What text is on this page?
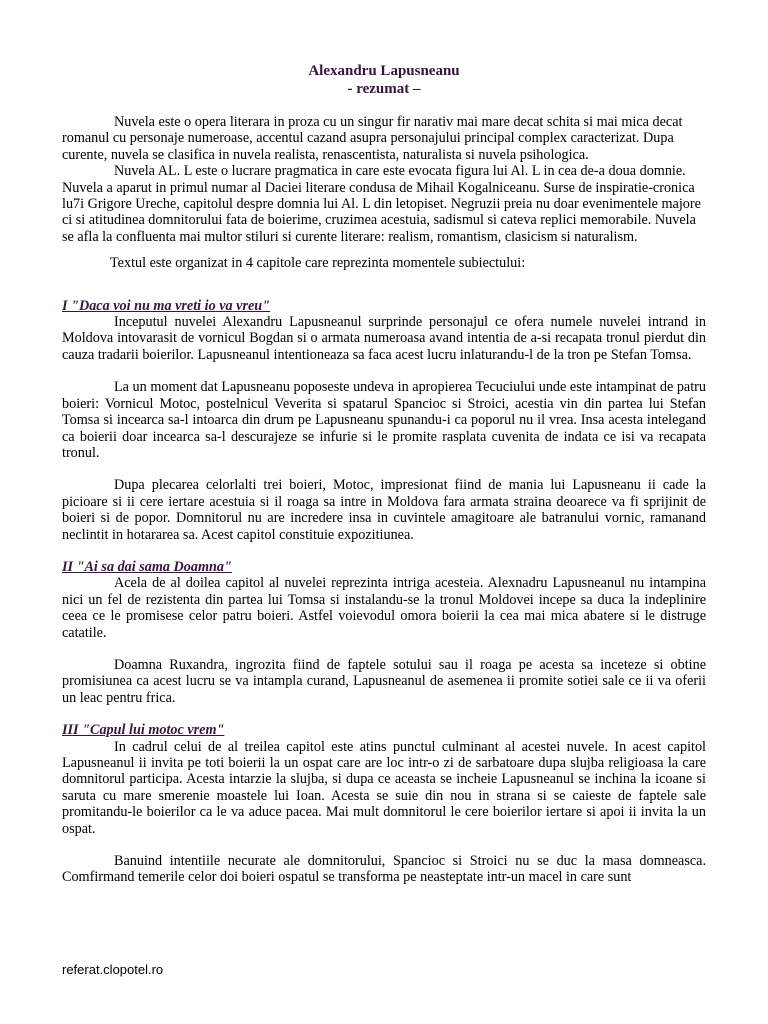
Alexandru Lapusneanu
- rezumat –

Nuvela este o opera literara in proza cu un singur fir narativ mai mare decat schita si mai mica decat romanul cu personaje numeroase, accentul cazand asupra personajului principal complex caracterizat. Dupa curente, nuvela se clasifica in nuvela realista, renascentista, naturalista si nuvela psihologica.

Nuvela AL. L este o lucrare pragmatica in care este evocata figura lui Al. L in cea de-a doua domnie. Nuvela a aparut in primul numar al Daciei literare condusa de Mihail Kogalniceanu. Surse de inspiratie-cronica lu7i Grigore Ureche, capitolul despre domnia lui Al. L din letopiset. Negruzii preia nu doar evenimentele majore ci si atitudinea domnitorului fata de boierime, cruzimea acestuia, sadismul si cateva replici memorabile. Nuvela se afla la confluenta mai multor stiluri si curente literare: realism, romantism, clasicism si naturalism.

Textul este organizat in 4 capitole care reprezinta momentele subiectului:

I "Daca voi nu ma vreti io va vreu"

Inceputul nuvelei Alexandru Lapusneanul surprinde personajul ce ofera numele nuvelei intrand in Moldova intovarasit de vornicul Bogdan si o armata numeroasa avand intentia de a-si recapata tronul pierdut din cauza tradarii boierilor. Lapusneanul intentioneaza sa faca acest lucru inlaturandu-l de la tron pe Stefan Tomsa.

La un moment dat Lapusneanu poposeste undeva in apropierea Tecuciului unde este intampinat de patru boieri: Vornicul Motoc, postelnicul Veverita si spatarul Spancioc si Stroici, acestia vin din partea lui Stefan Tomsa si incearca sa-l intoarca din drum pe Lapusneanu spunandu-i ca poporul nu il vrea. Insa acesta intelegand ca boierii doar incearca sa-l descurajeze se infurie si le promite rasplata cuvenita de indata ce isi va recapata tronul.

Dupa plecarea celorlalti trei boieri, Motoc, impresionat fiind de mania lui Lapusneanu ii cade la picioare si ii cere iertare acestuia si il roaga sa intre in Moldova fara armata straina deoarece va fi sprijinit de boieri si de popor. Domnitorul nu are incredere insa in cuvintele amagitoare ale batranului vornic, ramanand neclintit in hotararea sa. Acest capitol constituie expozitiunea.

II "Ai sa dai sama Doamna"

Acela de al doilea capitol al nuvelei reprezinta intriga acesteia. Alexnadru Lapusneanul nu intampina nici un fel de rezistenta din partea lui Tomsa si instalandu-se la tronul Moldovei incepe sa duca la indeplinire ceea ce le promisese celor patru boieri. Astfel voievodul omora boierii la cea mai mica abatere si le distruge catatile.

Doamna Ruxandra, ingrozita fiind de faptele sotului sau il roaga pe acesta sa inceteze si obtine promisiunea ca acest lucru se va intampla curand, Lapusneanul de asemenea ii promite sotiei sale ce ii va oferii un leac pentru frica.

III "Capul lui motoc vrem"

In cadrul celui de al treilea capitol este atins punctul culminant al acestei nuvele. In acest capitol Lapusneanul ii invita pe toti boierii la un ospat care are loc intr-o zi de sarbatoare dupa slujba religioasa la care domnitorul participa. Acesta intarzie la slujba, si dupa ce aceasta se incheie Lapusneanul se inchina la icoane si saruta cu mare smerenie moastele lui Ioan. Acesta se suie din nou in strana si se caieste de faptele sale promitandu-le boierilor ca le va aduce pacea. Mai mult domnitorul le cere boierilor iertare si apoi ii invita la un ospat.

Banuind intentiile necurate ale domnitorului, Spancioc si Stroici nu se duc la masa domneasca. Comfirmand temerile celor doi boieri ospatul se transforma pe neasteptate intr-un macel in care sunt

referat.clopotel.ro
